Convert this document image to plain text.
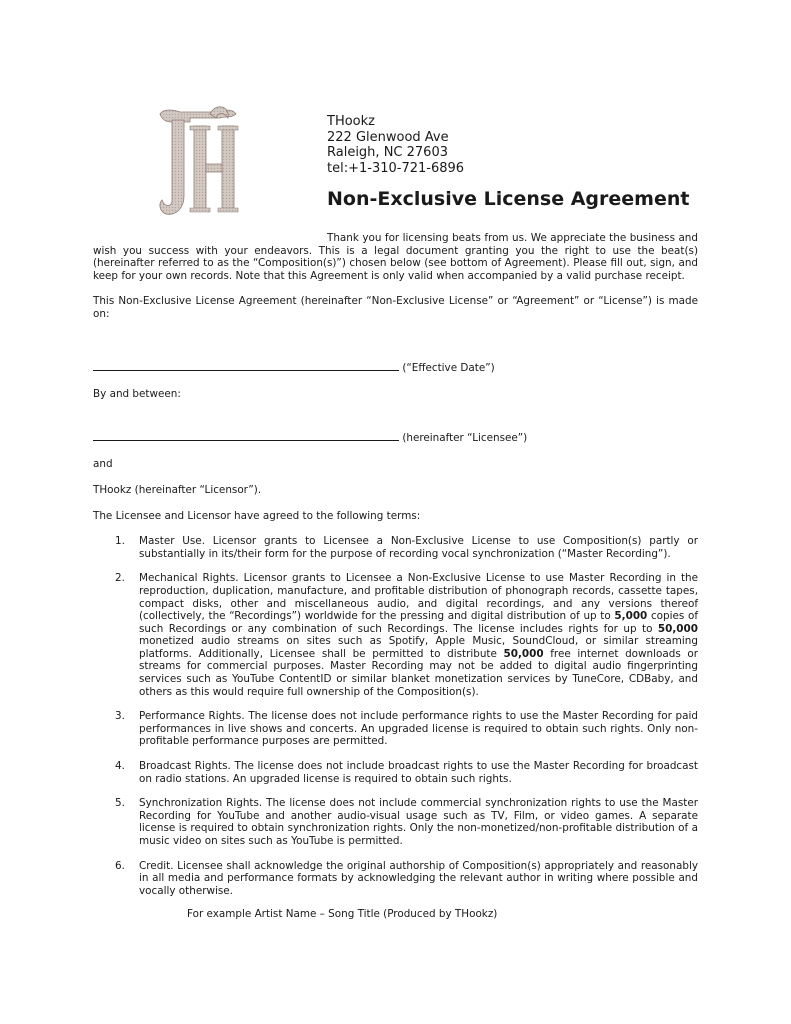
THookz
222 Glenwood Ave
Raleigh, NC 27603
tel:+1-310-721-6896
Non-Exclusive License Agreement

Thank you for licensing beats from us. We appreciate the business and wish you success with your endeavors. This is a legal document granting you the right to use the beat(s) (hereinafter referred to as the “Composition(s)”) chosen below (see bottom of Agreement). Please fill out, sign, and keep for your own records. Note that this Agreement is only valid when accompanied by a valid purchase receipt.

This Non-Exclusive License Agreement (hereinafter “Non-Exclusive License” or “Agreement” or “License”) is made on:

(“Effective Date”)

By and between:

(hereinafter “Licensee”)

and

THookz (hereinafter “Licensor”).

The Licensee and Licensor have agreed to the following terms:

1. Master Use. Licensor grants to Licensee a Non-Exclusive License to use Composition(s) partly or substantially in its/their form for the purpose of recording vocal synchronization (“Master Recording”).
2. Mechanical Rights. Licensor grants to Licensee a Non-Exclusive License to use Master Recording in the reproduction, duplication, manufacture, and profitable distribution of phonograph records, cassette tapes, compact disks, other and miscellaneous audio, and digital recordings, and any versions thereof (collectively, the “Recordings”) worldwide for the pressing and digital distribution of up to 5,000 copies of such Recordings or any combination of such Recordings. The license includes rights for up to 50,000 monetized audio streams on sites such as Spotify, Apple Music, SoundCloud, or similar streaming platforms. Additionally, Licensee shall be permitted to distribute 50,000 free internet downloads or streams for commercial purposes. Master Recording may not be added to digital audio fingerprinting services such as YouTube ContentID or similar blanket monetization services by TuneCore, CDBaby, and others as this would require full ownership of the Composition(s).
3. Performance Rights. The license does not include performance rights to use the Master Recording for paid performances in live shows and concerts. An upgraded license is required to obtain such rights. Only non-profitable performance purposes are permitted.
4. Broadcast Rights. The license does not include broadcast rights to use the Master Recording for broadcast on radio stations. An upgraded license is required to obtain such rights.
5. Synchronization Rights. The license does not include commercial synchronization rights to use the Master Recording for YouTube and another audio-visual usage such as TV, Film, or video games. A separate license is required to obtain synchronization rights. Only the non-monetized/non-profitable distribution of a music video on sites such as YouTube is permitted.
6. Credit. Licensee shall acknowledge the original authorship of Composition(s) appropriately and reasonably in all media and performance formats by acknowledging the relevant author in writing where possible and vocally otherwise.

For example Artist Name – Song Title (Produced by THookz)
